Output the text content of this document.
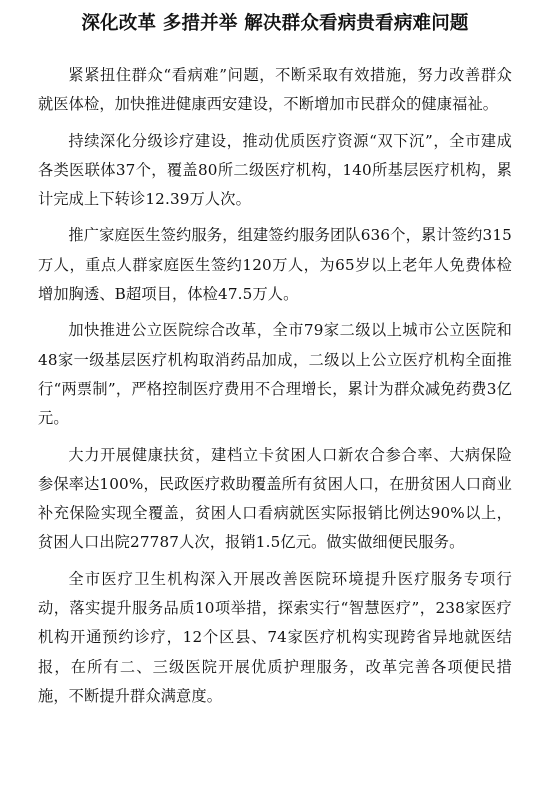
深化改革 多措并举 解决群众看病贵看病难问题

紧紧扭住群众“看病难”问题，不断采取有效措施，努力改善群众就医体检，加快推进健康西安建设，不断增加市民群众的健康福祉。

持续深化分级诊疗建设，推动优质医疗资源“双下沉”，全市建成各类医联体37个，覆盖80所二级医疗机构，140所基层医疗机构，累计完成上下转诊12.39万人次。

推广家庭医生签约服务，组建签约服务团队636个，累计签约315万人，重点人群家庭医生签约120万人，为65岁以上老年人免费体检增加胸透、B超项目，体检47.5万人。

加快推进公立医院综合改革，全市79家二级以上城市公立医院和48家一级基层医疗机构取消药品加成，二级以上公立医疗机构全面推行“两票制”，严格控制医疗费用不合理增长，累计为群众减免药费3亿元。

大力开展健康扶贫，建档立卡贫困人口新农合参合率、大病保险参保率达100%，民政医疗救助覆盖所有贫困人口，在册贫困人口商业补充保险实现全覆盖，贫困人口看病就医实际报销比例达90%以上，贫困人口出院27787人次，报销1.5亿元。做实做细便民服务。

全市医疗卫生机构深入开展改善医院环境提升医疗服务专项行动，落实提升服务品质10项举措，探索实行“智慧医疗”，238家医疗机构开通预约诊疗，12个区县、74家医疗机构实现跨省异地就医结报，在所有二、三级医院开展优质护理服务，改革完善各项便民措施，不断提升群众满意度。
